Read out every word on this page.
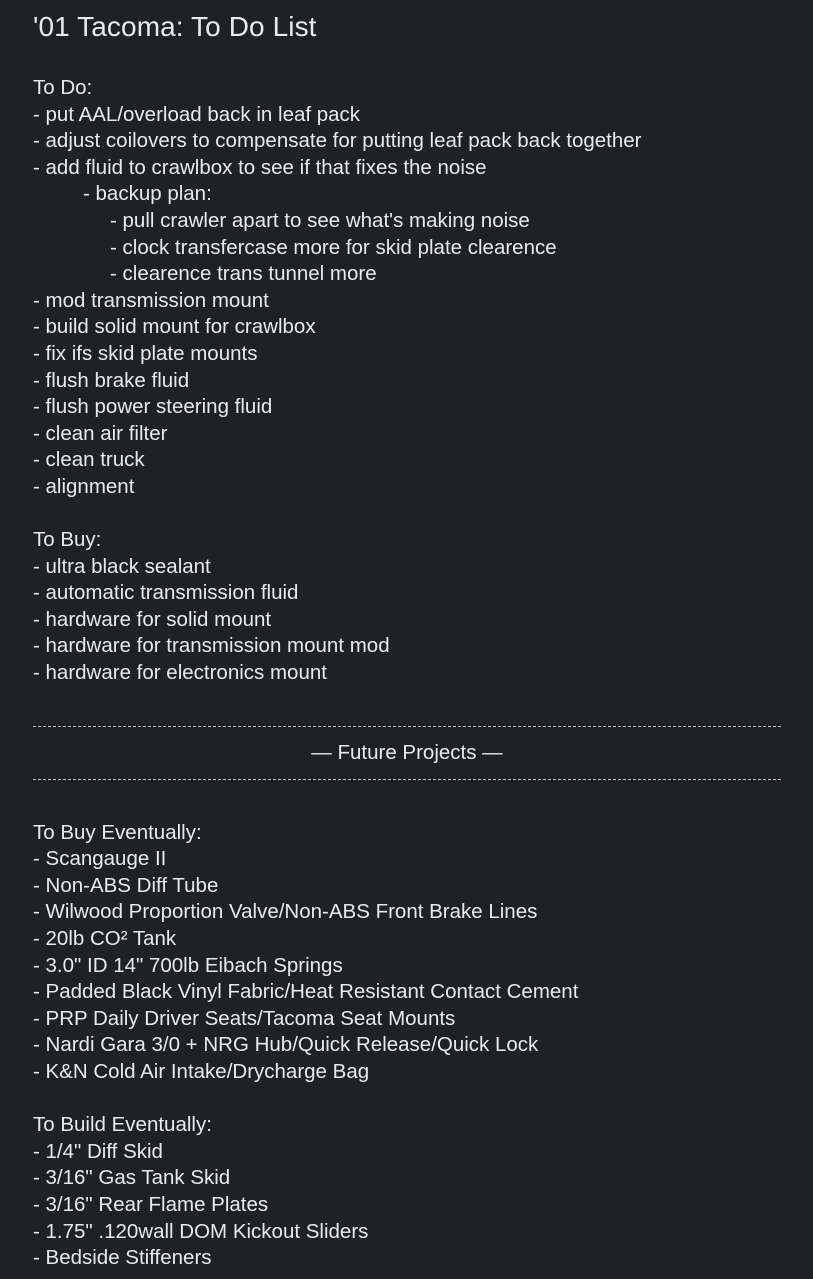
'01 Tacoma: To Do List
To Do:
- put AAL/overload back in leaf pack
- adjust coilovers to compensate for putting leaf pack back together
- add fluid to crawlbox to see if that fixes the noise
- backup plan:
- pull crawler apart to see what's making noise
- clock transfercase more for skid plate clearence
- clearence trans tunnel more
- mod transmission mount
- build solid mount for crawlbox
- fix ifs skid plate mounts
- flush brake fluid
- flush power steering fluid
- clean air filter
- clean truck
- alignment
To Buy:
- ultra black sealant
- automatic transmission fluid
- hardware for solid mount
- hardware for transmission mount mod
- hardware for electronics mount
— Future Projects —
To Buy Eventually:
- Scangauge II
- Non-ABS Diff Tube
- Wilwood Proportion Valve/Non-ABS Front Brake Lines
- 20lb CO² Tank
- 3.0" ID 14" 700lb Eibach Springs
- Padded Black Vinyl Fabric/Heat Resistant Contact Cement
- PRP Daily Driver Seats/Tacoma Seat Mounts
- Nardi Gara 3/0 + NRG Hub/Quick Release/Quick Lock
- K&N Cold Air Intake/Drycharge Bag
To Build Eventually:
- 1/4" Diff Skid
- 3/16" Gas Tank Skid
- 3/16" Rear Flame Plates
- 1.75" .120wall DOM Kickout Sliders
- Bedside Stiffeners
